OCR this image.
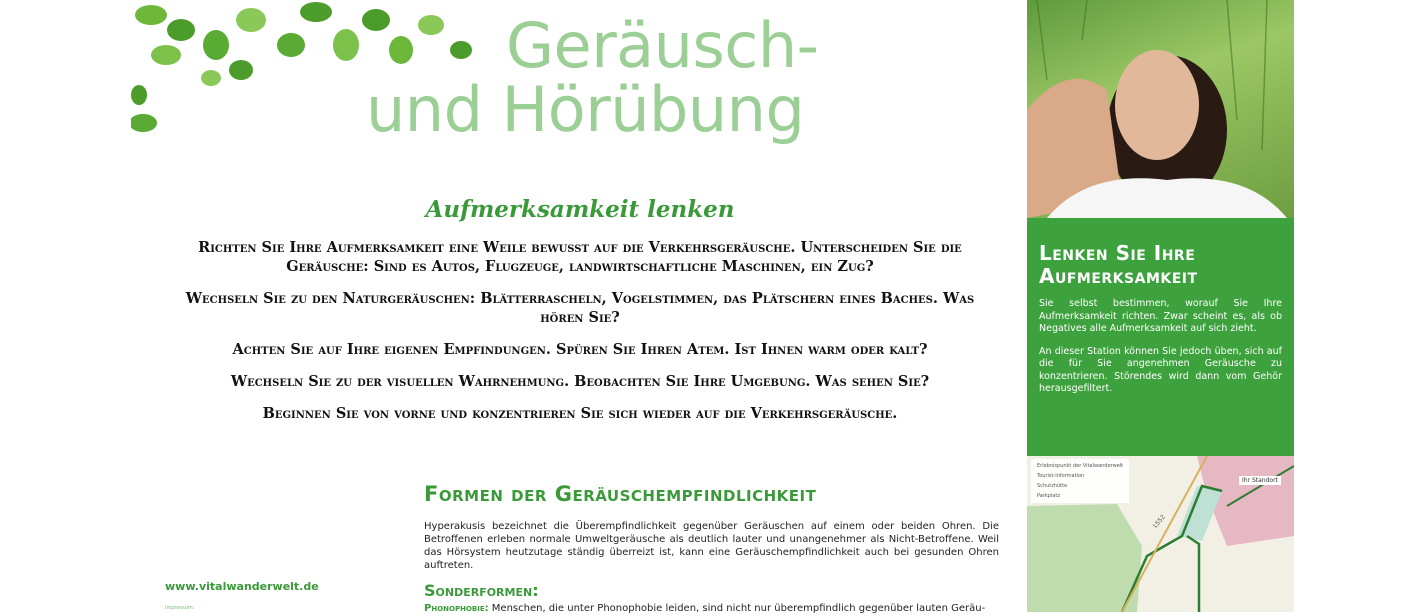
Geräusch-
und Hörübung
Aufmerksamkeit lenken

Richten Sie Ihre Aufmerksamkeit eine Weile bewusst auf die Verkehrsgeräusche. Unterscheiden Sie die Geräusche: Sind es Autos, Flugzeuge, landwirtschaftliche Maschinen, ein Zug?

Wechseln Sie zu den Naturgeräuschen: Blätterrascheln, Vogelstimmen, das Plätschern eines Baches. Was hören Sie?

Achten Sie auf Ihre eigenen Empfindungen. Spüren Sie Ihren Atem. Ist Ihnen warm oder kalt?

Wechseln Sie zu der visuellen Wahrnehmung. Beobachten Sie Ihre Umgebung. Was sehen Sie?

Beginnen Sie von vorne und konzentrieren Sie sich wieder auf die Verkehrsgeräusche.

Formen der Geräuschempfindlichkeit

Hyperakusis bezeichnet die Überempfindlichkeit gegenüber Geräuschen auf einem oder beiden Ohren. Die Betroffenen erleben normale Umweltgeräusche als deutlich lauter und unangenehmer als Nicht-Betroffene. Weil das Hörsystem heutzutage ständig überreizt ist, kann eine Geräuschempfindlichkeit auch bei gesunden Ohren auftreten.

Sonderformen:
Phonophobie: Menschen, die unter Phonophobie leiden, sind nicht nur überempfindlich gegenüber lauten Geräu-
www.vitalwanderwelt.de
Impressum:
Lenken Sie Ihre Aufmerksamkeit

Sie selbst bestimmen, worauf Sie Ihre Aufmerksamkeit richten. Zwar scheint es, als ob Negatives alle Aufmerksamkeit auf sich zieht.

An dieser Station können Sie jedoch üben, sich auf die für Sie angenehmen Geräusche zu konzentrieren. Störendes wird dann vom Gehör herausgefiltert.

Erlebnispunkt der Vitalwanderwelt
Tourist-Information
Schutzhütte
Parkplatz
Ihr Standort
L552
